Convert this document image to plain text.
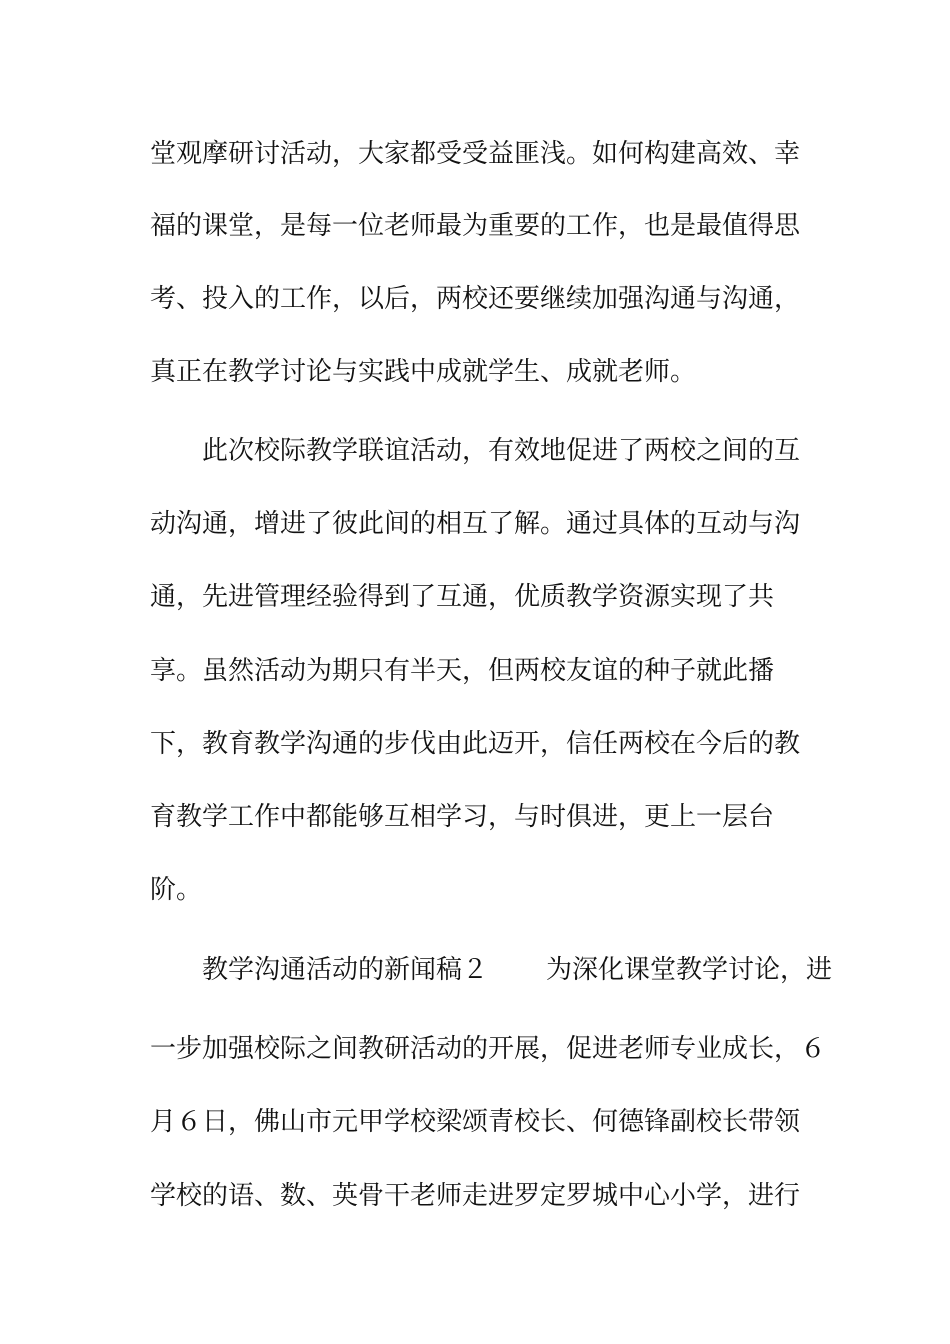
堂观摩研讨活动，大家都受受益匪浅。如何构建高效、幸
福的课堂，是每一位老师最为重要的工作，也是最值得思
考、投入的工作，以后，两校还要继续加强沟通与沟通，
真正在教学讨论与实践中成就学生、成就老师。
此次校际教学联谊活动，有效地促进了两校之间的互
动沟通，增进了彼此间的相互了解。通过具体的互动与沟
通，先进管理经验得到了互通，优质教学资源实现了共
享。虽然活动为期只有半天，但两校友谊的种子就此播
下，教育教学沟通的步伐由此迈开，信任两校在今后的教
育教学工作中都能够互相学习，与时俱进，更上一层台
阶。
教学沟通活动的新闻稿２ 为深化课堂教学讨论，进
一步加强校际之间教研活动的开展，促进老师专业成长，６
月６日，佛山市元甲学校梁颂青校长、何德锋副校长带领
学校的语、数、英骨干老师走进罗定罗城中心小学，进行
